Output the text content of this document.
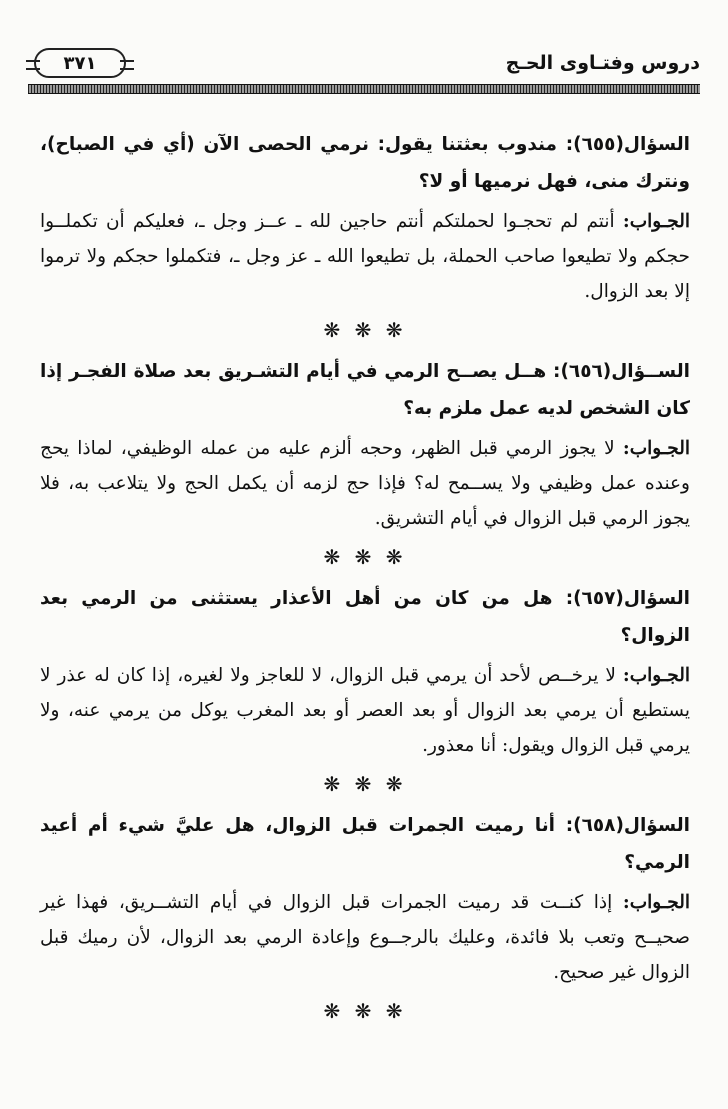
دروس وفتـاوى الحـج
٣٧١

السؤال(٦٥٥): مندوب بعثتنا يقول: نرمي الحصى الآن (أي في الصباح)، ونترك منى، فهل نرميها أو لا؟

الجـواب: أنتم لم تحجـوا لحملتكم أنتم حاجين لله ـ عــز وجل ـ، فعليكم أن تكملــوا حجكم ولا تطيعوا صاحب الحملة، بل تطيعوا الله ـ عز وجل ـ، فتكملوا حجكم ولا ترموا إلا بعد الزوال.

❋ ❋ ❋

الســؤال(٦٥٦): هــل يصــح الرمي في أيام التشـريق بعد صلاة الفجـر إذا كان الشخص لديه عمل ملزم به؟

الجـواب: لا يجوز الرمي قبل الظهر، وحجه ألزم عليه من عمله الوظيفي، لماذا يحج وعنده عمل وظيفي ولا يســمح له؟ فإذا حج لزمه أن يكمل الحج ولا يتلاعب به، فلا يجوز الرمي قبل الزوال في أيام التشريق.

❋ ❋ ❋

السؤال(٦٥٧): هل من كان من أهل الأعذار يستثنى من الرمي بعد الزوال؟

الجـواب: لا يرخــص لأحد أن يرمي قبل الزوال، لا للعاجز ولا لغيره، إذا كان له عذر لا يستطيع أن يرمي بعد الزوال أو بعد العصر أو بعد المغرب يوكل من يرمي عنه، ولا يرمي قبل الزوال ويقول: أنا معذور.

❋ ❋ ❋

السؤال(٦٥٨): أنا رميت الجمرات قبل الزوال، هل عليَّ شيء أم أعيد الرمي؟

الجـواب: إذا كنــت قد رميت الجمرات قبل الزوال في أيام التشــريق، فهذا غير صحيــح وتعب بلا فائدة، وعليك بالرجــوع وإعادة الرمي بعد الزوال، لأن رميك قبل الزوال غير صحيح.

❋ ❋ ❋
